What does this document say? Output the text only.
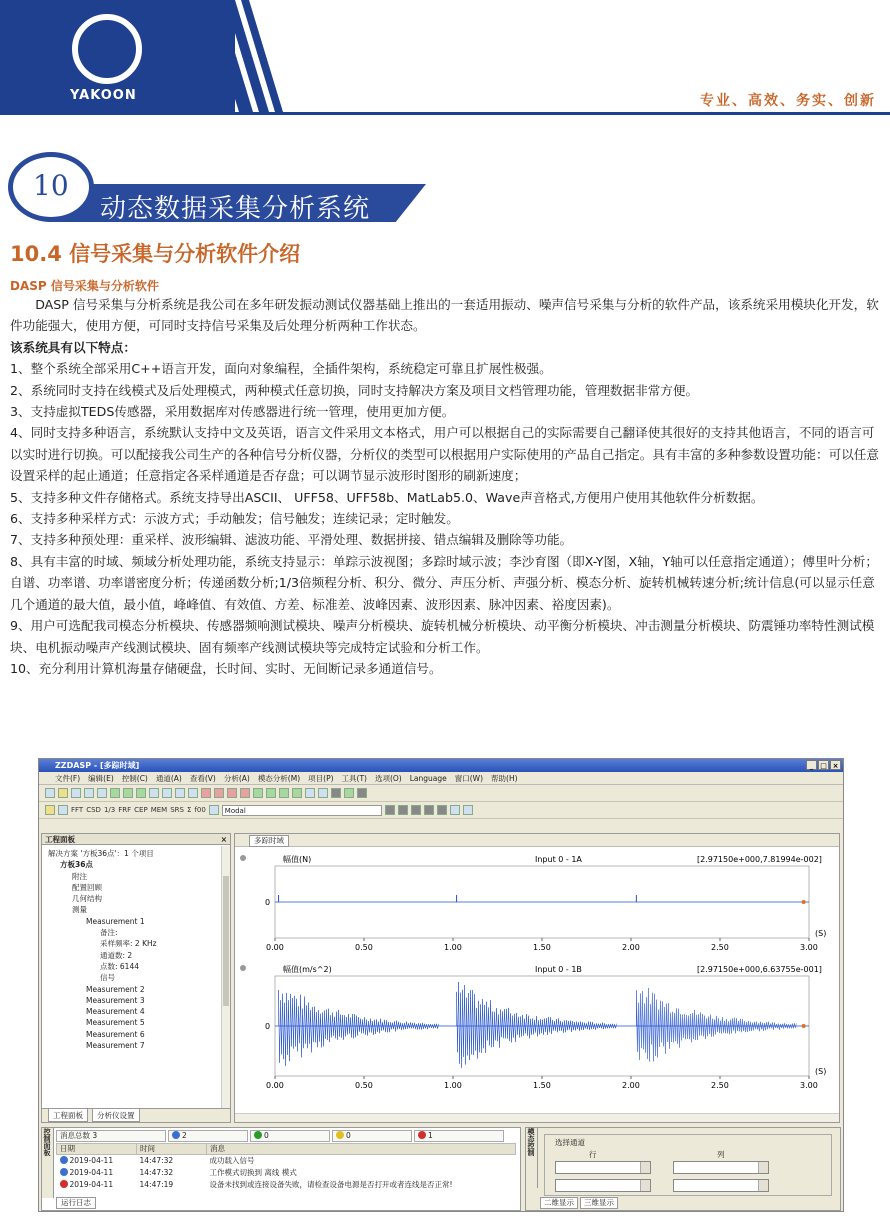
YAKOON	专业、高效、务实、创新
动态数据采集分析系统
10
10.4 信号采集与分析软件介绍
DASP 信号采集与分析软件

DASP 信号采集与分析系统是我公司在多年研发振动测试仪器基础上推出的一套适用振动、噪声信号采集与分析的软件产品，该系统采用模块化开发，软件功能强大，使用方便，可同时支持信号采集及后处理分析两种工作状态。

该系统具有以下特点：

1、整个系统全部采用C++语言开发，面向对象编程，全插件架构，系统稳定可靠且扩展性极强。

2、系统同时支持在线模式及后处理模式，两种模式任意切换，同时支持解决方案及项目文档管理功能，管理数据非常方便。

3、支持虚拟TEDS传感器，采用数据库对传感器进行统一管理，使用更加方便。

4、同时支持多种语言，系统默认支持中文及英语，语言文件采用文本格式，用户可以根据自己的实际需要自己翻译使其很好的支持其他语言，不同的语言可以实时进行切换。可以配接我公司生产的各种信号分析仪器，分析仪的类型可以根据用户实际使用的产品自己指定。具有丰富的多种参数设置功能：可以任意设置采样的起止通道；任意指定各采样通道是否存盘；可以调节显示波形时图形的刷新速度；

5、支持多种文件存储格式。系统支持导出ASCII、 UFF58、UFF58b、MatLab5.0、Wave声音格式,方便用户使用其他软件分析数据。

6、支持多种采样方式：示波方式；手动触发；信号触发；连续记录；定时触发。

7、支持多种预处理：重采样、波形编辑、滤波功能、平滑处理、数据拼接、错点编辑及删除等功能。

8、具有丰富的时域、频域分析处理功能，系统支持显示：单踪示波视图；多踪时域示波；李沙育图（即X-Y图，X轴，Y轴可以任意指定通道）；傅里叶分析；自谱、功率谱、功率谱密度分析；传递函数分析;1/3倍频程分析、积分、微分、声压分析、声强分析、模态分析、旋转机械转速分析;统计信息(可以显示任意几个通道的最大值，最小值，峰峰值、有效值、方差、标准差、波峰因素、波形因素、脉冲因素、裕度因素)。

9、用户可选配我司模态分析模块、传感器频响测试模块、噪声分析模块、旋转机械分析模块、动平衡分析模块、冲击测量分析模块、防震锤功率特性测试模块、电机振动噪声产线测试模块、固有频率产线测试模块等完成特定试验和分析工作。

10、充分利用计算机海量存储硬盘，长时间、实时、无间断记录多通道信号。

ZZDASP - [多踪时域]	_ □ ×
文件(F) 编辑(E) 控制(C) 通道(A) 查看(V) 分析(A) 模态分析(M) 项目(P) 工具(T) 选项(O) Language 窗口(W) 帮助(H)
FFT CSD 1/3 FRF CEP MEM SRS Σ f00	Modal
工程面板	×
解决方案 '方板36点'：1 个项目
方板36点
附注
配置回顾
几何结构
测量
Measurement 1
备注:
采样频率: 2 KHz
通道数: 2
点数: 6144
信号
Measurement 2
Measurement 3
Measurement 4
Measurement 5
Measurement 6
Measurement 7
工程面板	分析仪设置
多踪时域
幅值(N)	Input 0 - 1A	[2.97150e+000,7.81994e-002]
0
0.00	0.50	1.00	1.50	2.00	2.50	3.00
(S)
幅值(m/s^2)	Input 0 - 1B	[2.97150e+000,6.63755e-001]
0
0.00	0.50	1.00	1.50	2.00	2.50	3.00
(S)
控制面板	消息总数 3	2	0	0	1
日期	时间	消息
2019-04-11	14:47:32	成功载入信号
2019-04-11	14:47:32	工作模式切换到 离线 模式
2019-04-11	14:47:19	设备未找到或连接设备失败，请检查设备电源是否打开或者连线是否正常!
运行日志
模态控制	选择通道
行	列
二维显示	三维显示
